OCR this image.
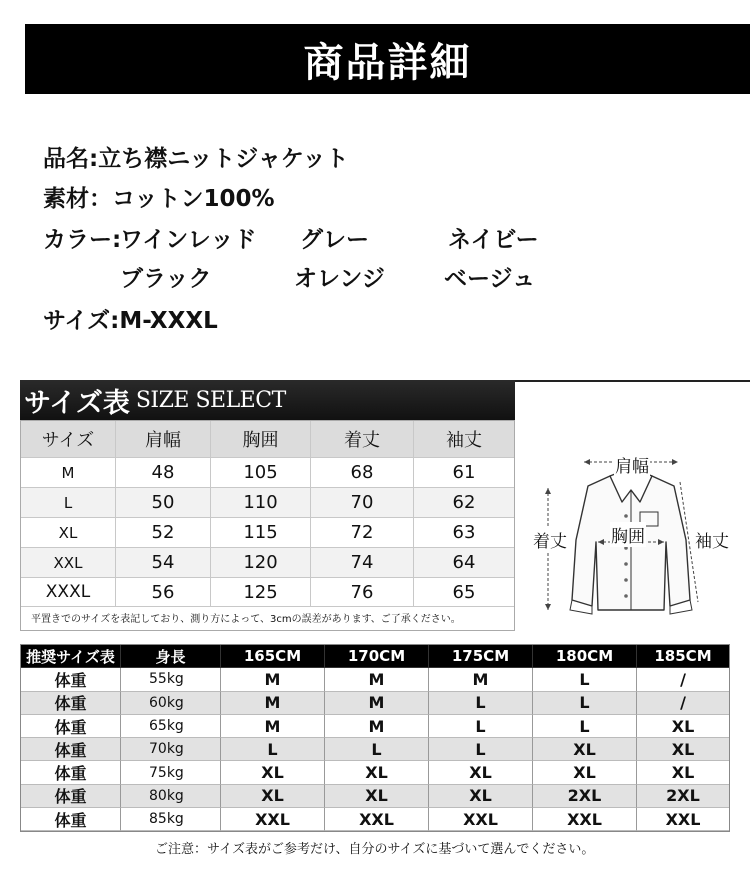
商品詳細
品名:立ち襟ニットジャケット
素材：コットン100%
カラー:
ワインレッド グレー	ネイビー
ブラック	オレンジ	ベージュ
サイズ:M-XXXL
サイズ表 SIZE SELECT
サイズ	肩幅	胸囲	着丈	袖丈
M	48	105	68	61
L	50	110	70	62
XL	52	115	72	63
XXL	54	120	74	64
XXXL	56	125	76	65
平置きでのサイズを表記しており、測り方によって、3cmの誤差があります、ご了承ください。
肩幅
着丈	胸囲	袖丈
推奨サイズ表	身長	165CM	170CM	175CM	180CM	185CM
体重	55kg	M	M	M	L	/
体重	60kg	M	M	L	L	/
体重	65kg	M	M	L	L	XL
体重	70kg	L	L	L	XL	XL
体重	75kg	XL	XL	XL	XL	XL
体重	80kg	XL	XL	XL	2XL	2XL
体重	85kg	XXL	XXL	XXL	XXL	XXL
ご注意：サイズ表がご参考だけ、自分のサイズに基づいて選んでください。
